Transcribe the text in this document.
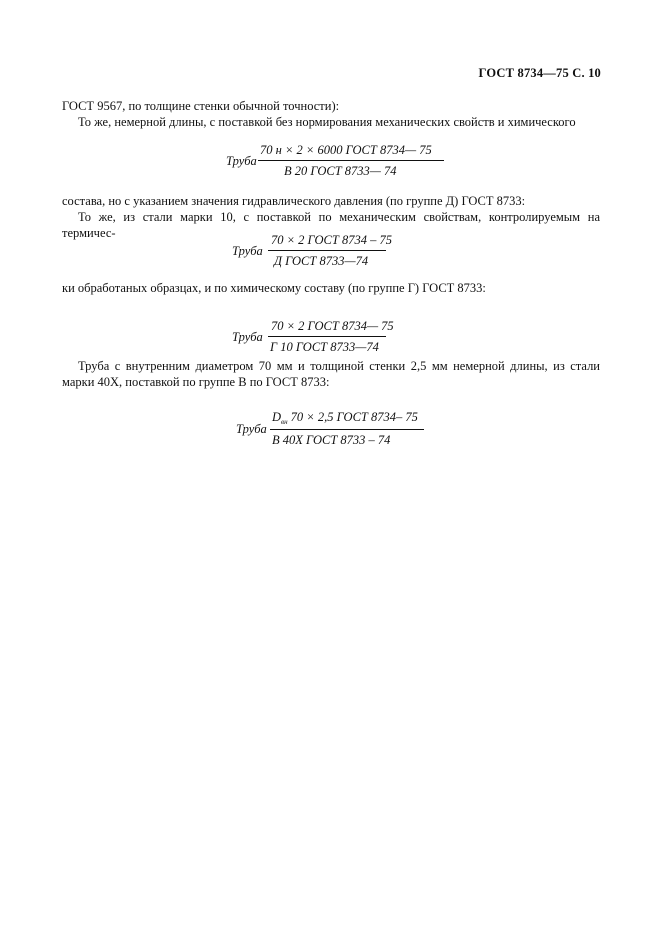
ГОСТ 8734—75 С. 10
ГОСТ 9567, по толщине стенки обычной точности):
То же, немерной длины, с поставкой без нормирования механических свойств и химического
Труба
70 н × 2 × 6000 ГОСТ 8734— 75
В 20 ГОСТ 8733— 74
состава, но с указанием значения гидравлического давления (по группе Д) ГОСТ 8733:
То же, из стали марки 10, с поставкой по механическим свойствам, контролируемым на термичес-
Труба
70 × 2 ГОСТ 8734 – 75
Д ГОСТ 8733—74
ки обработаных образцах, и по химическому составу (по группе Г) ГОСТ 8733:
Труба
70 × 2 ГОСТ 8734— 75
Г 10 ГОСТ 8733—74
Труба с внутренним диаметром 70 мм и толщиной стенки 2,5 мм немерной длины, из стали марки 40Х, поставкой по группе В по ГОСТ 8733:
Труба
$D_{вн}$ 70 × 2,5 ГОСТ 8734– 75
В 40Х ГОСТ 8733 – 74
